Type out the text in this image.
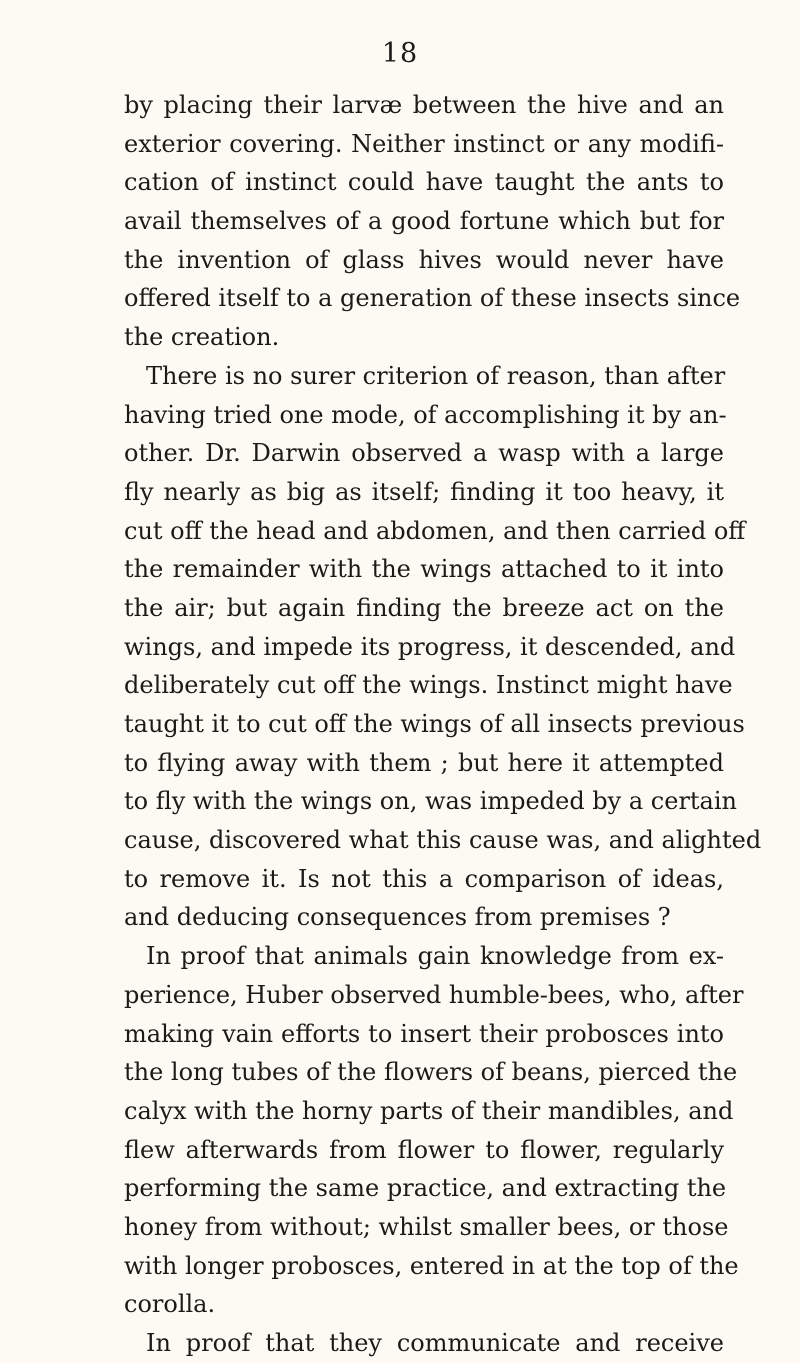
18
by placing their larvæ between the hive and an
exterior covering. Neither instinct or any modifi-
cation of instinct could have taught the ants to
avail themselves of a good fortune which but for
the invention of glass hives would never have
offered itself to a generation of these insects since
the creation.
There is no surer criterion of reason, than after
having tried one mode, of accomplishing it by an-
other. Dr. Darwin observed a wasp with a large
fly nearly as big as itself; finding it too heavy, it
cut off the head and abdomen, and then carried off
the remainder with the wings attached to it into
the air; but again finding the breeze act on the
wings, and impede its progress, it descended, and
deliberately cut off the wings. Instinct might have
taught it to cut off the wings of all insects previous
to flying away with them ; but here it attempted
to fly with the wings on, was impeded by a certain
cause, discovered what this cause was, and alighted
to remove it. Is not this a comparison of ideas,
and deducing consequences from premises ?
In proof that animals gain knowledge from ex-
perience, Huber observed humble-bees, who, after
making vain efforts to insert their probosces into
the long tubes of the flowers of beans, pierced the
calyx with the horny parts of their mandibles, and
flew afterwards from flower to flower, regularly
performing the same practice, and extracting the
honey from without; whilst smaller bees, or those
with longer probosces, entered in at the top of the
corolla.
In proof that they communicate and receive
